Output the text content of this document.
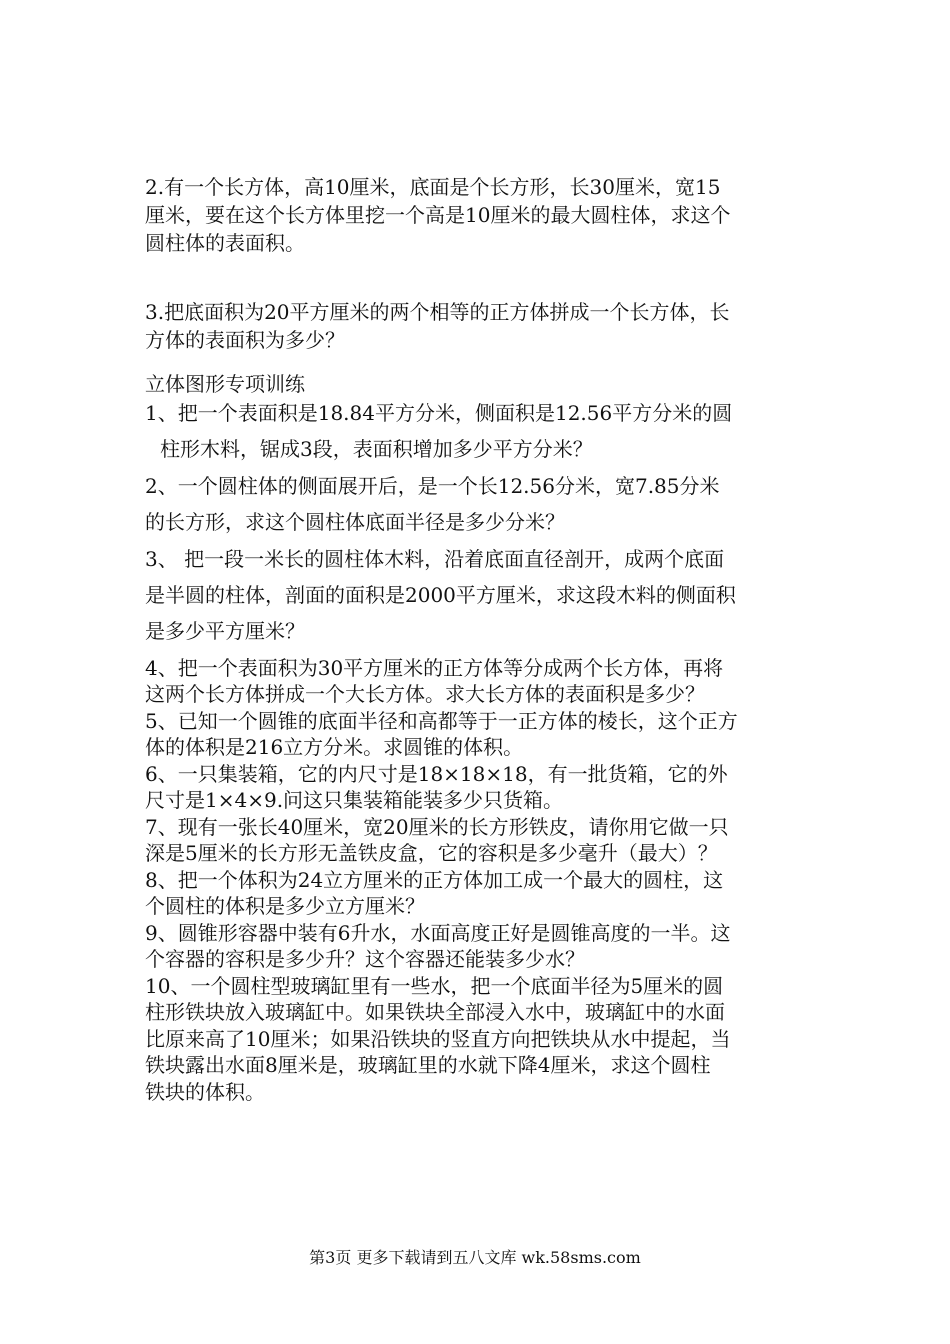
2.有一个长方体，高10厘米，底面是个长方形，长30厘米，宽15
厘米，要在这个长方体里挖一个高是10厘米的最大圆柱体，求这个
圆柱体的表面积。
3.把底面积为20平方厘米的两个相等的正方体拼成一个长方体，长
方体的表面积为多少？
立体图形专项训练
1、把一个表面积是18.84平方分米，侧面积是12.56平方分米的圆
柱形木料，锯成3段，表面积增加多少平方分米？
2、一个圆柱体的侧面展开后，是一个长12.56分米，宽7.85分米
的长方形，求这个圆柱体底面半径是多少分米？
3、 把一段一米长的圆柱体木料，沿着底面直径剖开，成两个底面
是半圆的柱体，剖面的面积是2000平方厘米，求这段木料的侧面积
是多少平方厘米？
4、把一个表面积为30平方厘米的正方体等分成两个长方体，再将
这两个长方体拼成一个大长方体。求大长方体的表面积是多少？
5、已知一个圆锥的底面半径和高都等于一正方体的棱长，这个正方
体的体积是216立方分米。求圆锥的体积。
6、一只集装箱，它的内尺寸是18×18×18，有一批货箱，它的外
尺寸是1×4×9.问这只集装箱能装多少只货箱。
7、现有一张长40厘米，宽20厘米的长方形铁皮，请你用它做一只
深是5厘米的长方形无盖铁皮盒，它的容积是多少毫升（最大）？
8、把一个体积为24立方厘米的正方体加工成一个最大的圆柱，这
个圆柱的体积是多少立方厘米？
9、圆锥形容器中装有6升水，水面高度正好是圆锥高度的一半。这
个容器的容积是多少升？这个容器还能装多少水？
10、一个圆柱型玻璃缸里有一些水，把一个底面半径为5厘米的圆
柱形铁块放入玻璃缸中。如果铁块全部浸入水中，玻璃缸中的水面
比原来高了10厘米；如果沿铁块的竖直方向把铁块从水中提起，当
铁块露出水面8厘米是，玻璃缸里的水就下降4厘米，求这个圆柱
铁块的体积。
第3页 更多下载请到五八文库 wk.58sms.com
